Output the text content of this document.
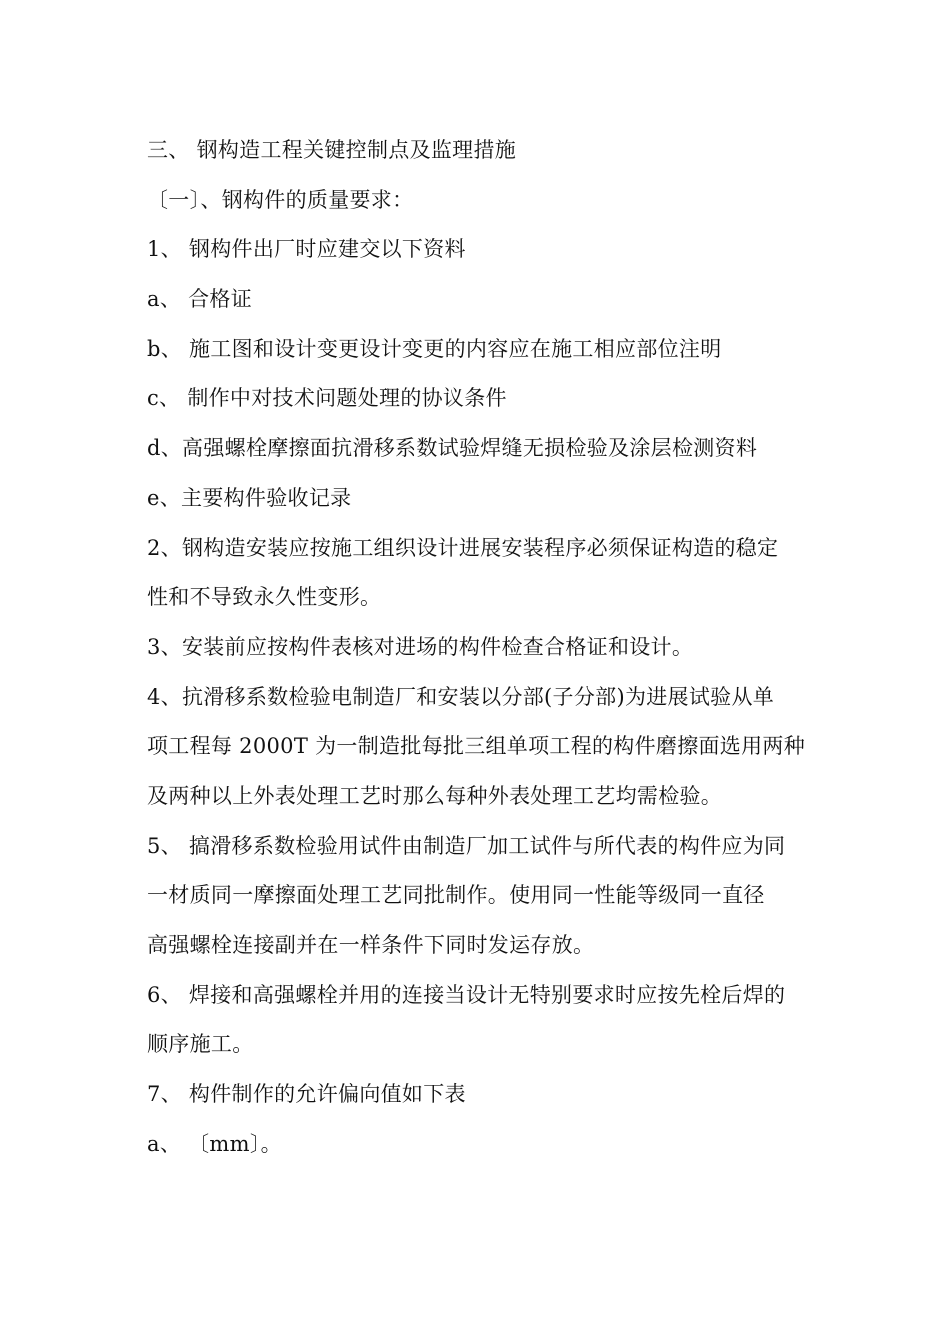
三、 钢构造工程关键控制点及监理措施
〔一〕、钢构件的质量要求：
1、 钢构件出厂时应建交以下资料
a、 合格证
b、 施工图和设计变更设计变更的内容应在施工相应部位注明
c、 制作中对技术问题处理的协议条件
d、高强螺栓摩擦面抗滑移系数试验焊缝无损检验及涂层检测资料
e、主要构件验收记录
2、钢构造安装应按施工组织设计进展安装程序必须保证构造的稳定
性和不导致永久性变形。
3、安装前应按构件表核对进场的构件检查合格证和设计。
4、抗滑移系数检验电制造厂和安装以分部(子分部)为进展试验从单
项工程每 2000T 为一制造批每批三组单项工程的构件磨擦面选用两种
及两种以上外表处理工艺时那么每种外表处理工艺均需检验。
5、 搞滑移系数检验用试件由制造厂加工试件与所代表的构件应为同
一材质同一摩擦面处理工艺同批制作。使用同一性能等级同一直径
高强螺栓连接副并在一样条件下同时发运存放。
6、 焊接和高强螺栓并用的连接当设计无特别要求时应按先栓后焊的
顺序施工。
7、 构件制作的允许偏向值如下表
a、 〔mm〕。
